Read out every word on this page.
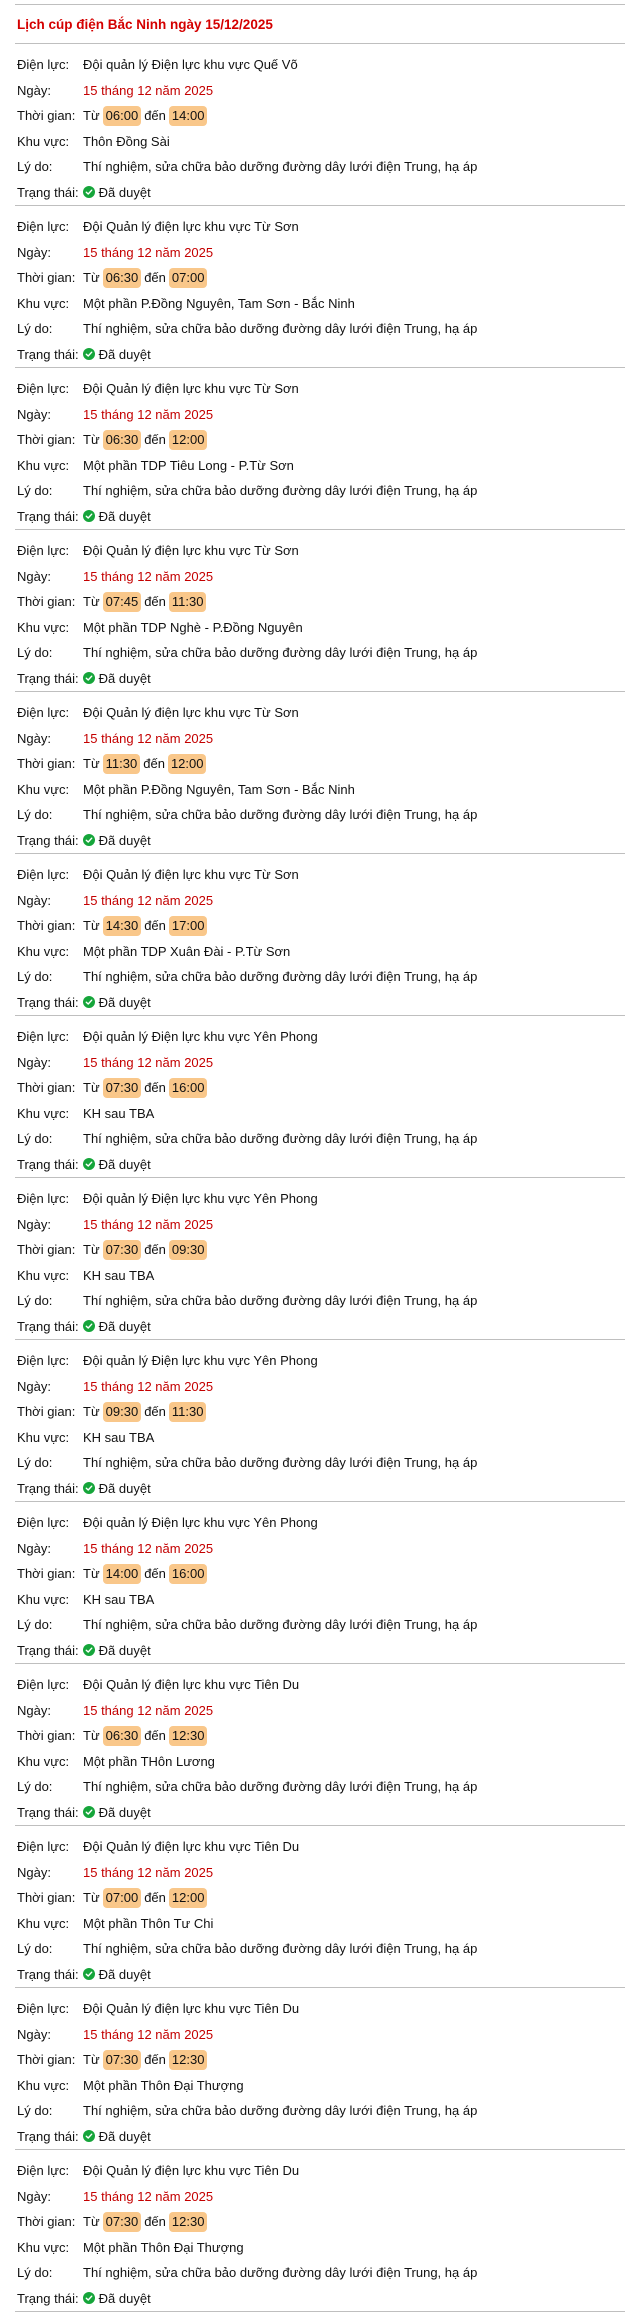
Lịch cúp điện Bắc Ninh ngày 15/12/2025
Điện lực:	Đội quản lý Điện lực khu vực Quế Võ
Ngày:	15 tháng 12 năm 2025
Thời gian: Từ 06:00 đến 14:00
Khu vực:	Thôn Đồng Sài
Lý do:	Thí nghiệm, sửa chữa bảo dưỡng đường dây lưới điện Trung, hạ áp
Trạng thái: Đã duyệt
Điện lực:	Đội Quản lý điện lực khu vực Từ Sơn
Ngày:	15 tháng 12 năm 2025
Thời gian: Từ 06:30 đến 07:00
Khu vực:	Một phần P.Đồng Nguyên, Tam Sơn - Bắc Ninh
Lý do:	Thí nghiệm, sửa chữa bảo dưỡng đường dây lưới điện Trung, hạ áp
Trạng thái: Đã duyệt
Điện lực:	Đội Quản lý điện lực khu vực Từ Sơn
Ngày:	15 tháng 12 năm 2025
Thời gian: Từ 06:30 đến 12:00
Khu vực:	Một phần TDP Tiêu Long - P.Từ Sơn
Lý do:	Thí nghiệm, sửa chữa bảo dưỡng đường dây lưới điện Trung, hạ áp
Trạng thái: Đã duyệt
Điện lực:	Đội Quản lý điện lực khu vực Từ Sơn
Ngày:	15 tháng 12 năm 2025
Thời gian: Từ 07:45 đến 11:30
Khu vực:	Một phần TDP Nghè - P.Đồng Nguyên
Lý do:	Thí nghiệm, sửa chữa bảo dưỡng đường dây lưới điện Trung, hạ áp
Trạng thái: Đã duyệt
Điện lực:	Đội Quản lý điện lực khu vực Từ Sơn
Ngày:	15 tháng 12 năm 2025
Thời gian: Từ 11:30 đến 12:00
Khu vực:	Một phần P.Đồng Nguyên, Tam Sơn - Bắc Ninh
Lý do:	Thí nghiệm, sửa chữa bảo dưỡng đường dây lưới điện Trung, hạ áp
Trạng thái: Đã duyệt
Điện lực:	Đội Quản lý điện lực khu vực Từ Sơn
Ngày:	15 tháng 12 năm 2025
Thời gian: Từ 14:30 đến 17:00
Khu vực:	Một phần TDP Xuân Đài - P.Từ Sơn
Lý do:	Thí nghiệm, sửa chữa bảo dưỡng đường dây lưới điện Trung, hạ áp
Trạng thái: Đã duyệt
Điện lực:	Đội quản lý Điện lực khu vực Yên Phong
Ngày:	15 tháng 12 năm 2025
Thời gian: Từ 07:30 đến 16:00
Khu vực:	KH sau TBA
Lý do:	Thí nghiệm, sửa chữa bảo dưỡng đường dây lưới điện Trung, hạ áp
Trạng thái: Đã duyệt
Điện lực:	Đội quản lý Điện lực khu vực Yên Phong
Ngày:	15 tháng 12 năm 2025
Thời gian: Từ 07:30 đến 09:30
Khu vực:	KH sau TBA
Lý do:	Thí nghiệm, sửa chữa bảo dưỡng đường dây lưới điện Trung, hạ áp
Trạng thái: Đã duyệt
Điện lực:	Đội quản lý Điện lực khu vực Yên Phong
Ngày:	15 tháng 12 năm 2025
Thời gian: Từ 09:30 đến 11:30
Khu vực:	KH sau TBA
Lý do:	Thí nghiệm, sửa chữa bảo dưỡng đường dây lưới điện Trung, hạ áp
Trạng thái: Đã duyệt
Điện lực:	Đội quản lý Điện lực khu vực Yên Phong
Ngày:	15 tháng 12 năm 2025
Thời gian: Từ 14:00 đến 16:00
Khu vực:	KH sau TBA
Lý do:	Thí nghiệm, sửa chữa bảo dưỡng đường dây lưới điện Trung, hạ áp
Trạng thái: Đã duyệt
Điện lực:	Đội Quản lý điện lực khu vực Tiên Du
Ngày:	15 tháng 12 năm 2025
Thời gian: Từ 06:30 đến 12:30
Khu vực:	Một phần THôn Lương
Lý do:	Thí nghiệm, sửa chữa bảo dưỡng đường dây lưới điện Trung, hạ áp
Trạng thái: Đã duyệt
Điện lực:	Đội Quản lý điện lực khu vực Tiên Du
Ngày:	15 tháng 12 năm 2025
Thời gian: Từ 07:00 đến 12:00
Khu vực:	Một phần Thôn Tư Chi
Lý do:	Thí nghiệm, sửa chữa bảo dưỡng đường dây lưới điện Trung, hạ áp
Trạng thái: Đã duyệt
Điện lực:	Đội Quản lý điện lực khu vực Tiên Du
Ngày:	15 tháng 12 năm 2025
Thời gian: Từ 07:30 đến 12:30
Khu vực:	Một phần Thôn Đại Thượng
Lý do:	Thí nghiệm, sửa chữa bảo dưỡng đường dây lưới điện Trung, hạ áp
Trạng thái: Đã duyệt
Điện lực:	Đội Quản lý điện lực khu vực Tiên Du
Ngày:	15 tháng 12 năm 2025
Thời gian: Từ 07:30 đến 12:30
Khu vực:	Một phần Thôn Đại Thượng
Lý do:	Thí nghiệm, sửa chữa bảo dưỡng đường dây lưới điện Trung, hạ áp
Trạng thái: Đã duyệt
